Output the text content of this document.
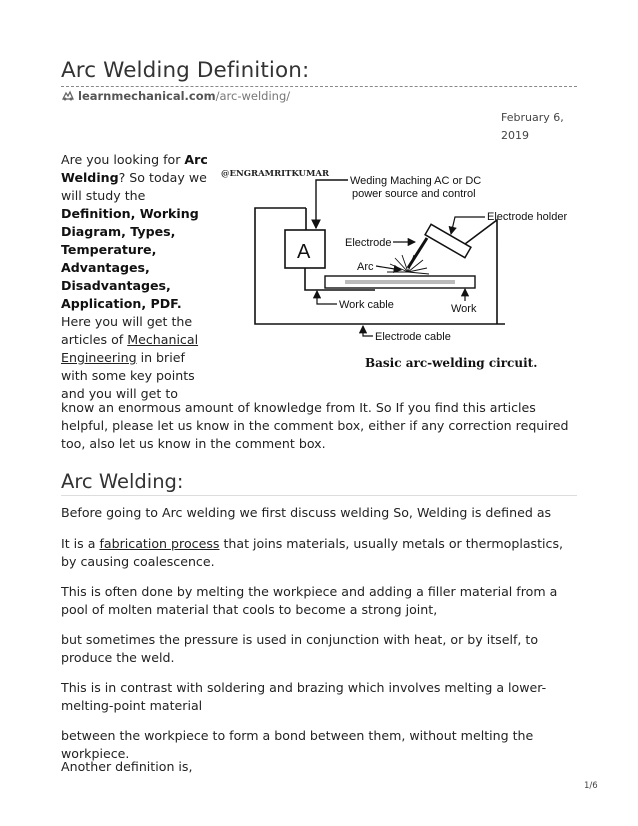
Arc Welding Definition:
learnmechanical.com /arc-welding/
February 6,
2019
Are you looking for Arc Welding? So today we will study the Definition, Working Diagram, Types, Temperature, Advantages, Disadvantages, Application, PDF. Here you will get the articles of Mechanical Engineering in brief with some key points and you will get to
know an enormous amount of knowledge from It. So If you find this articles helpful, please let us know in the comment box, either if any correction required too, also let us know in the comment box.
@ENGRAMRITKUMAR
Weding Maching AC or DC
power source and control
A
Electrode holder
Electrode
Arc
Work cable	Work
Electrode cable
Basic arc-welding circuit.
Arc Welding:

Before going to Arc welding we first discuss welding So, Welding is defined as

It is a fabrication process that joins materials, usually metals or thermoplastics, by causing coalescence.

This is often done by melting the workpiece and adding a filler material from a pool of molten material that cools to become a strong joint,

but sometimes the pressure is used in conjunction with heat, or by itself, to produce the weld.

This is in contrast with soldering and brazing which involves melting a lower-melting-point material

between the workpiece to form a bond between them, without melting the workpiece.

Another definition is,

1/6
